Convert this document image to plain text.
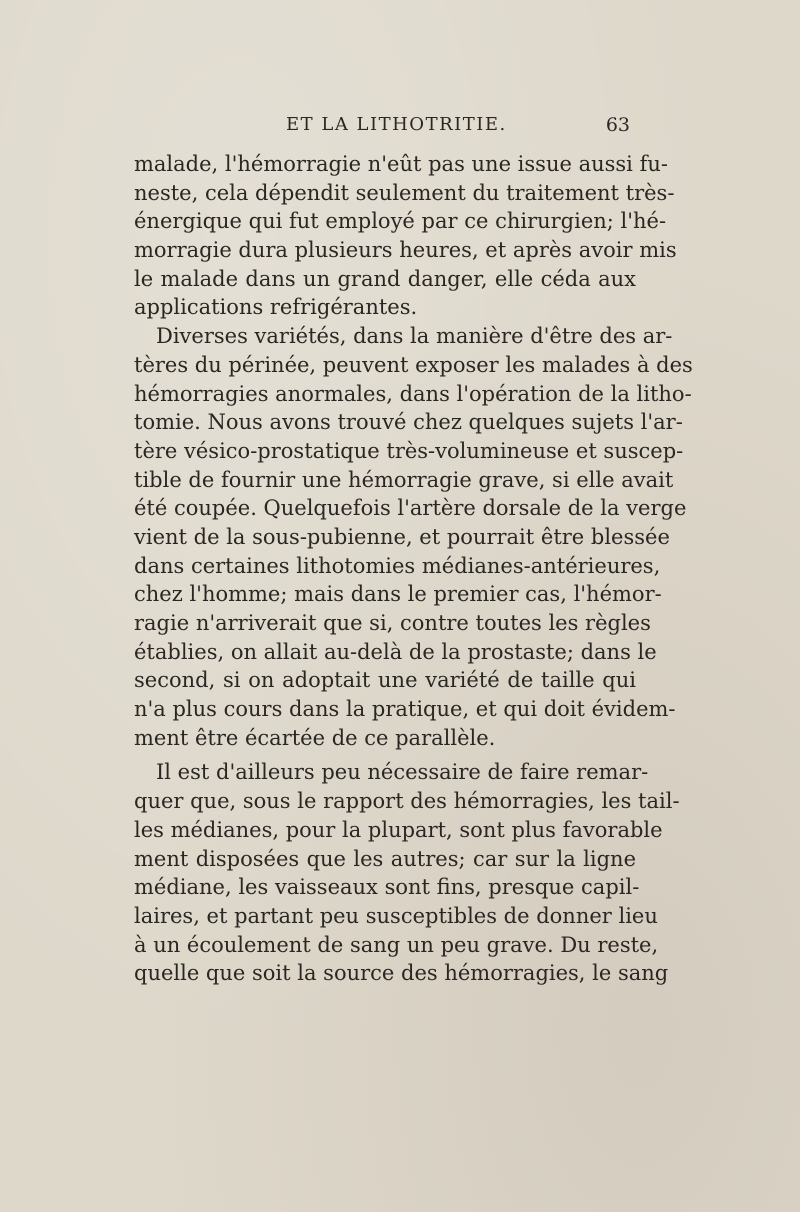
ET LA LITHOTRITIE.	63

malade, l'hémorragie n'eût pas une issue aussi fu-
neste, cela dépendit seulement du traitement très-
énergique qui fut employé par ce chirurgien; l'hé-
morragie dura plusieurs heures, et après avoir mis
le malade dans un grand danger, elle céda aux
applications refrigérantes.

Diverses variétés, dans la manière d'être des ar-
tères du périnée, peuvent exposer les malades à des
hémorragies anormales, dans l'opération de la litho-
tomie. Nous avons trouvé chez quelques sujets l'ar-
tère vésico-prostatique très-volumineuse et suscep-
tible de fournir une hémorragie grave, si elle avait
été coupée. Quelquefois l'artère dorsale de la verge
vient de la sous-pubienne, et pourrait être blessée
dans certaines lithotomies médianes-antérieures,
chez l'homme; mais dans le premier cas, l'hémor-
ragie n'arriverait que si, contre toutes les règles
établies, on allait au-delà de la prostaste; dans le
second, si on adoptait une variété de taille qui
n'a plus cours dans la pratique, et qui doit évidem-
ment être écartée de ce parallèle.

Il est d'ailleurs peu nécessaire de faire remar-
quer que, sous le rapport des hémorragies, les tail-
les médianes, pour la plupart, sont plus favorable
ment disposées que les autres; car sur la ligne
médiane, les vaisseaux sont fins, presque capil-
laires, et partant peu susceptibles de donner lieu
à un écoulement de sang un peu grave. Du reste,
quelle que soit la source des hémorragies, le sang
